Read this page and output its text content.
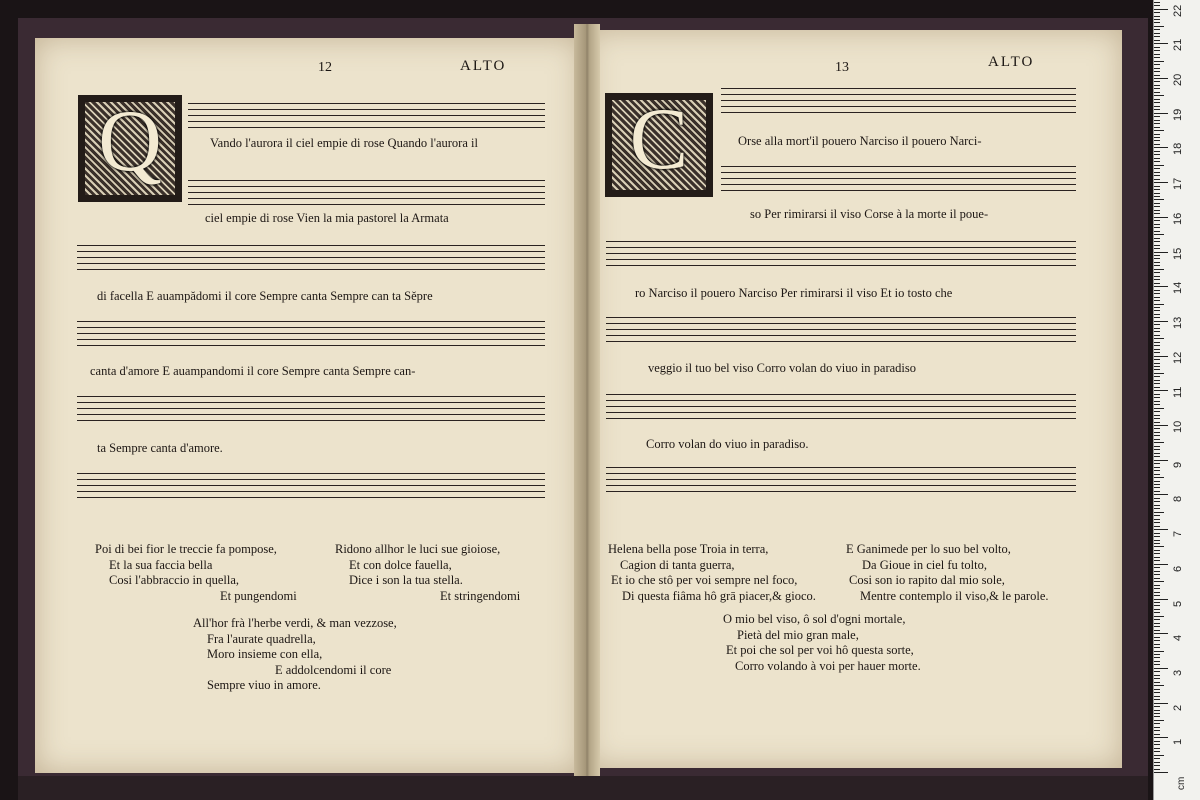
12	ALTO
Q	Vando l'aurora il ciel empie di rose Quando l'aurora il
ciel empie di rose Vien la mia pastorel la Armata
di facella E auampădomi il core Sempre canta Sempre can ta Sěpre
canta d'amore E auampandomi il core Sempre canta Sempre can-
ta Sempre canta d'amore.
Poi di bei fior le treccie fa pompose,
Et la sua faccia bella
Cosi l'abbraccio in quella,
Et pungendomi
Ridono allhor le luci sue gioiose,
Et con dolce fauella,
Dice i son la tua stella.
Et stringendomi
All'hor frà l'herbe verdi, & man vezzose,
Fra l'aurate quadrella,
Moro insieme con ella,
E addolcendomi il core
Sempre viuo in amore.
13	ALTO
C	Orse alla mort'il pouero Narciso il pouero Narci-
so Per rimirarsi il viso Corse à la morte il poue-
ro Narciso il pouero Narciso Per rimirarsi il viso Et io tosto che
veggio il tuo bel viso Corro volan do viuo in paradiso
Corro volan do viuo in paradiso.
Helena bella pose Troia in terra,
Cagion di tanta guerra,
Et io che stô per voi sempre nel foco,
Di questa fiâma hô grā piacer,& gioco.
E Ganimede per lo suo bel volto,
Da Gioue in ciel fu tolto,
Cosi son io rapito dal mio sole,
Mentre contemplo il viso,& le parole.
O mio bel viso, ô sol d'ogni mortale,
Pietà del mio gran male,
Et poi che sol per voi hô questa sorte,
Corro volando à voi per hauer morte.
cm
1
2
3
4
5
6
7
8
9
10
11
12
13
14
15
16
17
18
19
20
21
22
